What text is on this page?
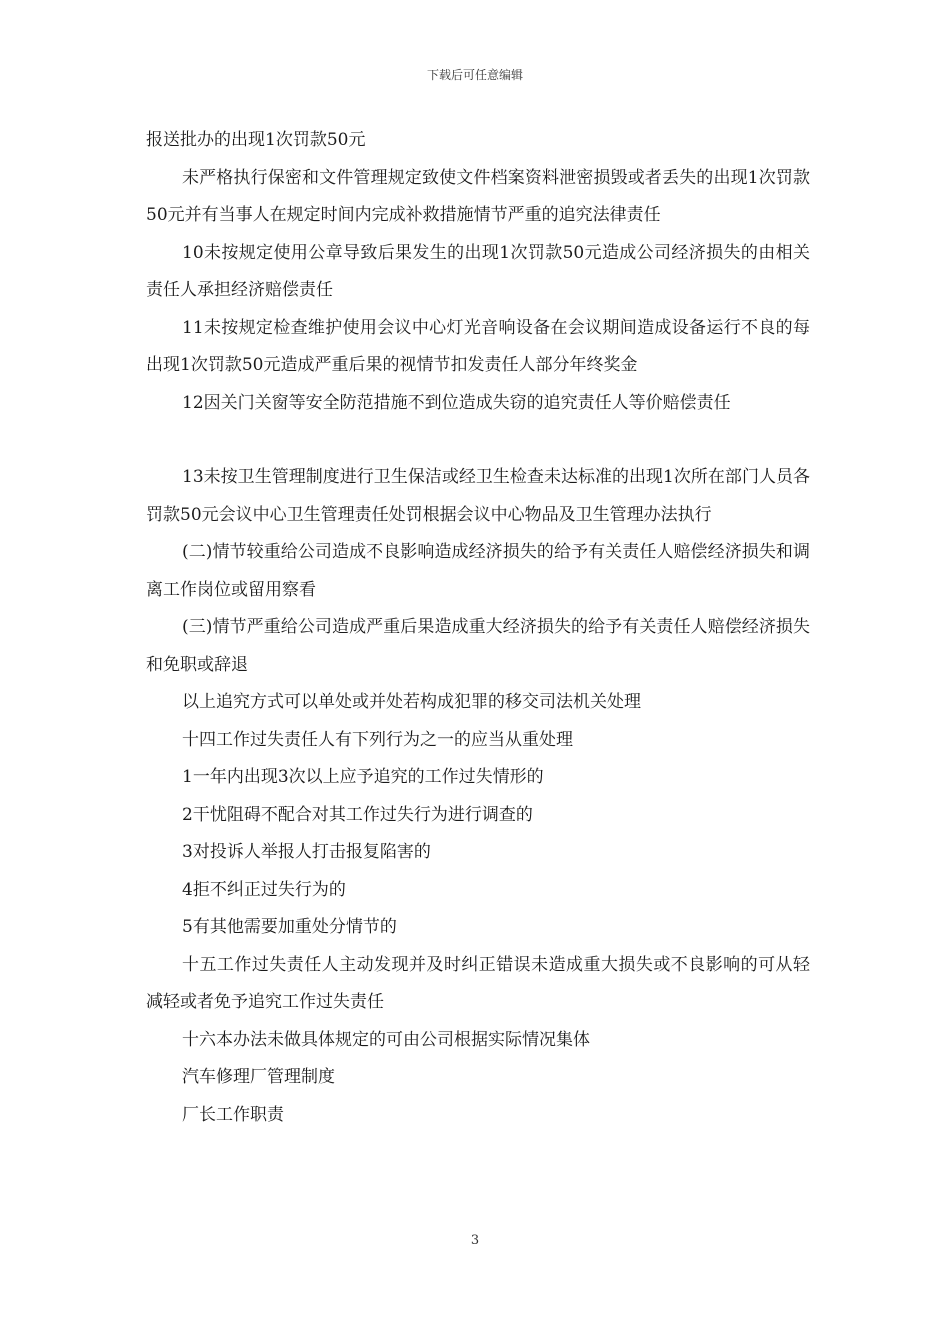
下载后可任意编辑

报送批办的出现1次罚款50元

未严格执行保密和文件管理规定致使文件档案资料泄密损毁或者丢失的出现1次罚款50元并有当事人在规定时间内完成补救措施情节严重的追究法律责任

10未按规定使用公章导致后果发生的出现1次罚款50元造成公司经济损失的由相关责任人承担经济赔偿责任

11未按规定检查维护使用会议中心灯光音响设备在会议期间造成设备运行不良的每出现1次罚款50元造成严重后果的视情节扣发责任人部分年终奖金

12因关门关窗等安全防范措施不到位造成失窃的追究责任人等价赔偿责任

13未按卫生管理制度进行卫生保洁或经卫生检查未达标准的出现1次所在部门人员各罚款50元会议中心卫生管理责任处罚根据会议中心物品及卫生管理办法执行

(二)情节较重给公司造成不良影响造成经济损失的给予有关责任人赔偿经济损失和调离工作岗位或留用察看

(三)情节严重给公司造成严重后果造成重大经济损失的给予有关责任人赔偿经济损失和免职或辞退

以上追究方式可以单处或并处若构成犯罪的移交司法机关处理

十四工作过失责任人有下列行为之一的应当从重处理

1一年内出现3次以上应予追究的工作过失情形的

2干忧阻碍不配合对其工作过失行为进行调查的

3对投诉人举报人打击报复陷害的

4拒不纠正过失行为的

5有其他需要加重处分情节的

十五工作过失责任人主动发现并及时纠正错误未造成重大损失或不良影响的可从轻减轻或者免予追究工作过失责任

十六本办法未做具体规定的可由公司根据实际情况集体

汽车修理厂管理制度

厂长工作职责

3
